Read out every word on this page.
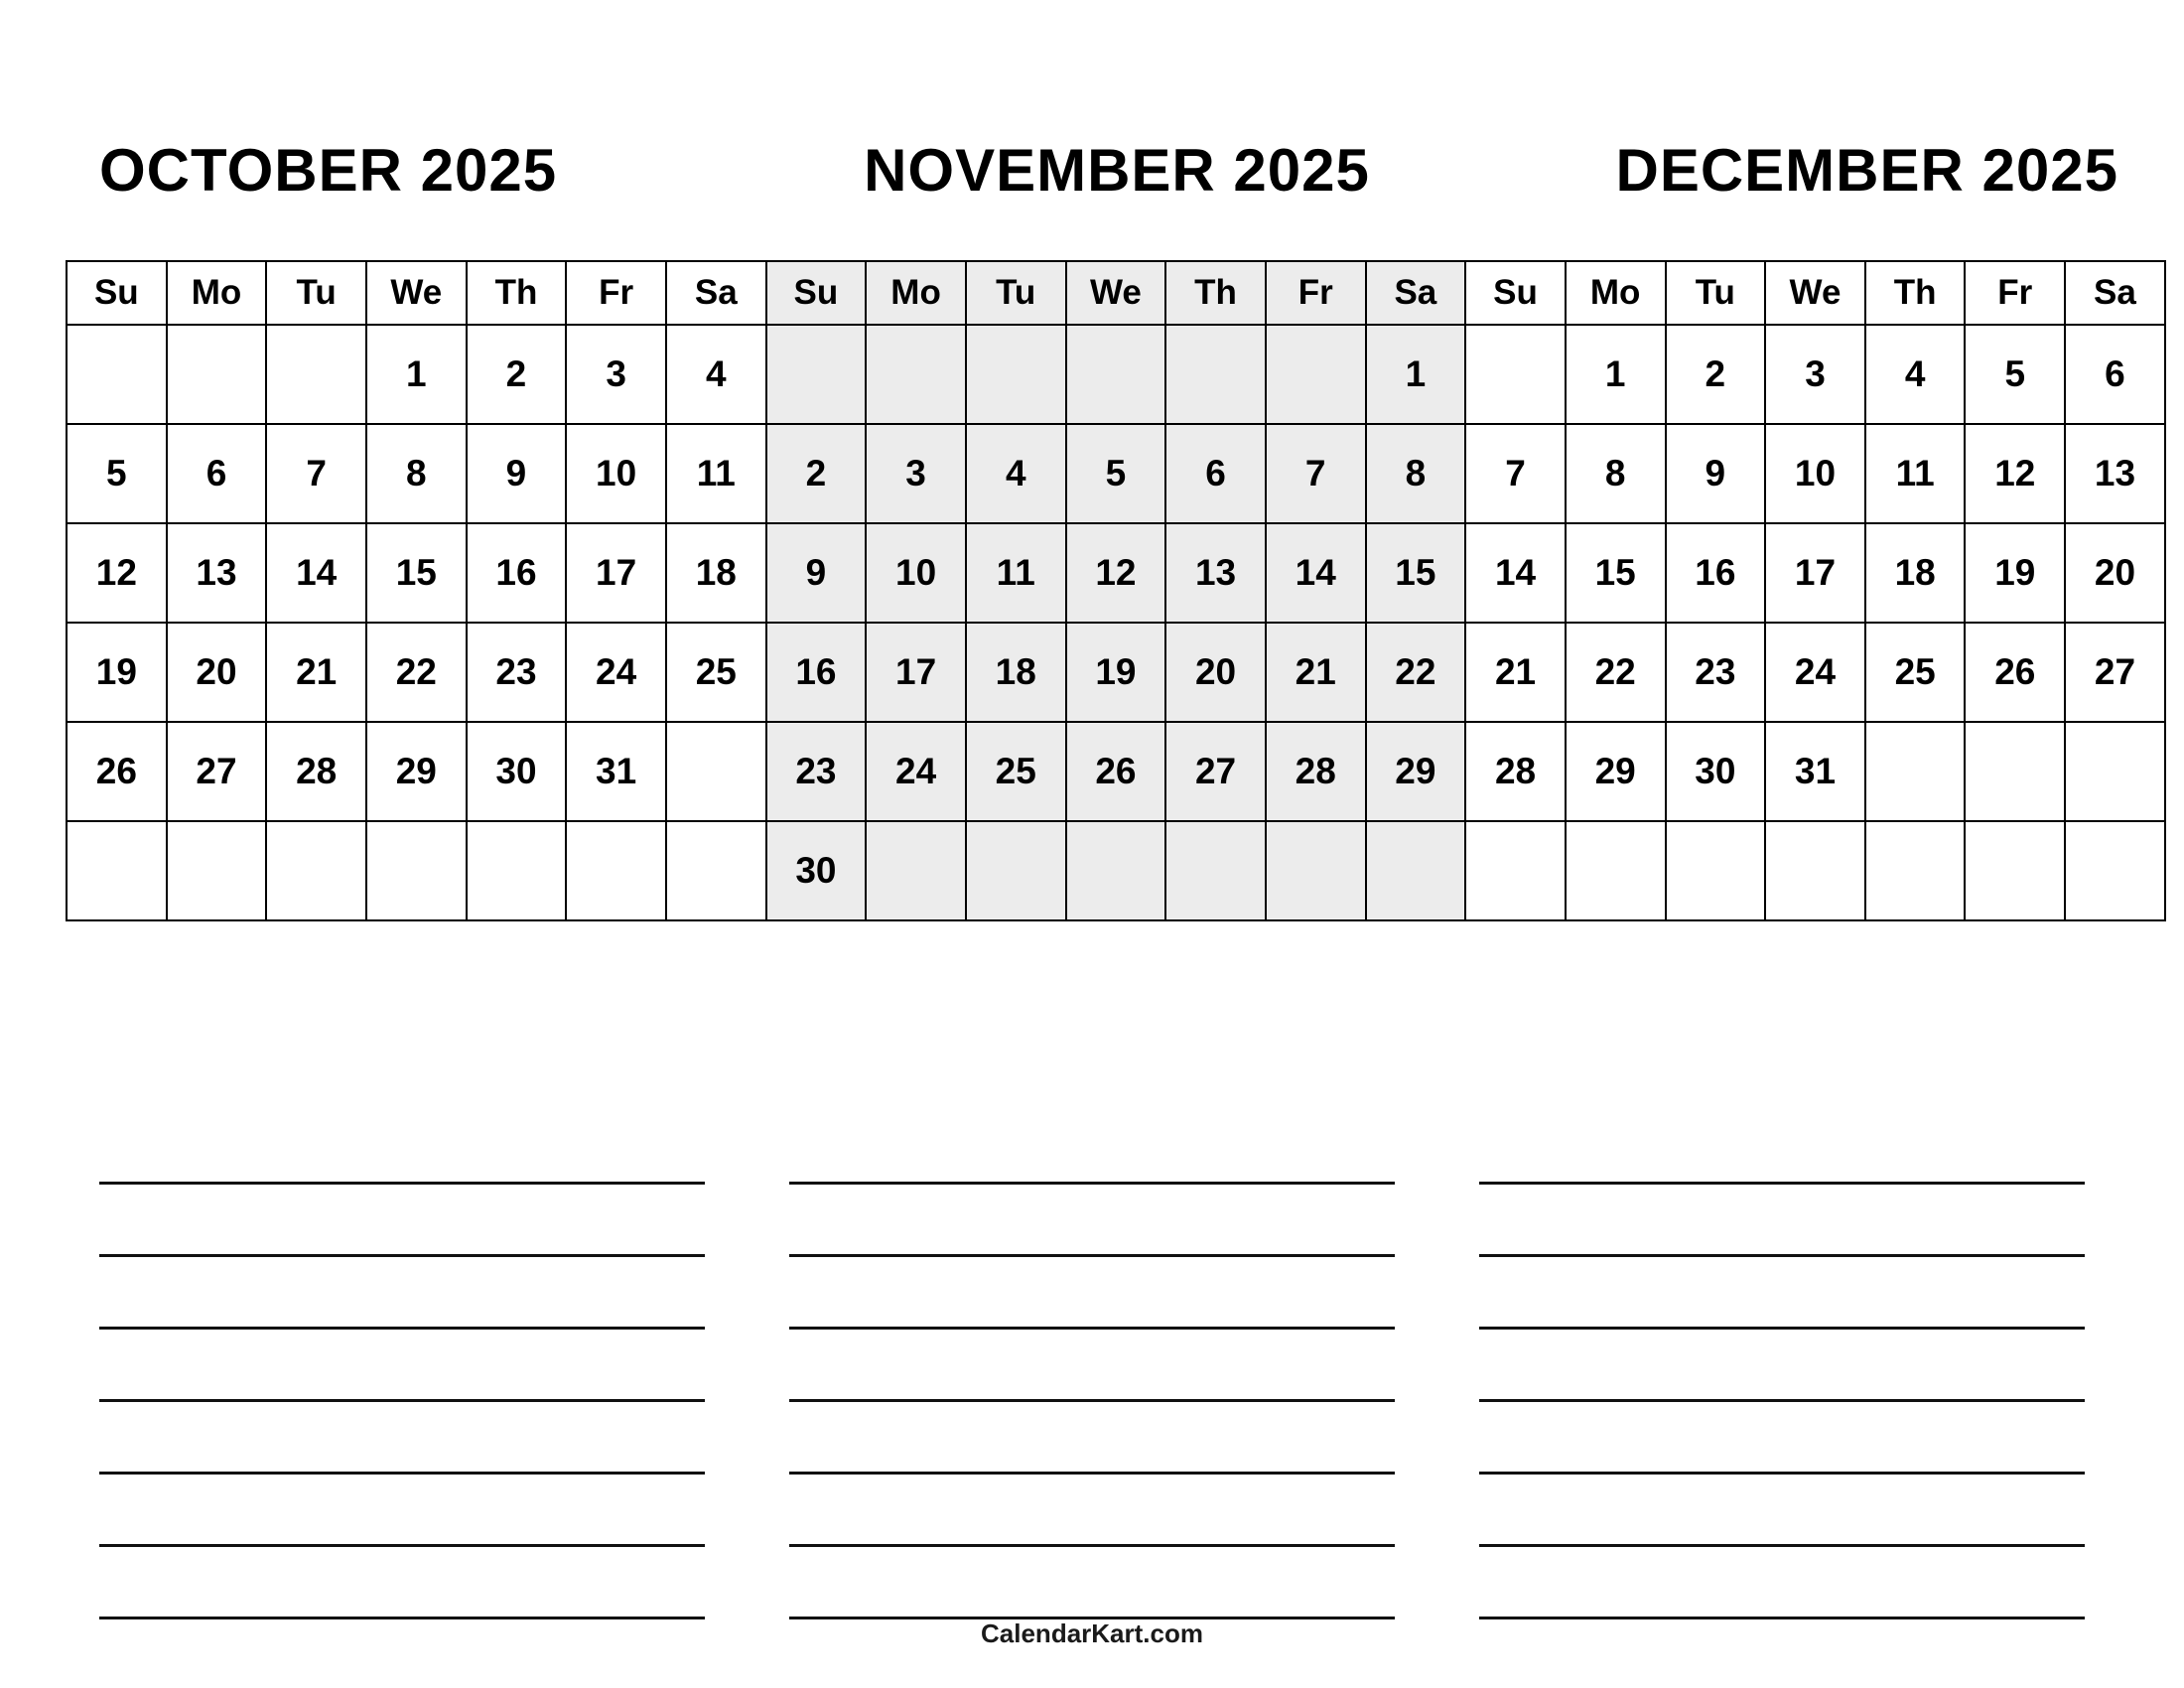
OCTOBER 2025	NOVEMBER 2025	DECEMBER 2025
Su	Mo	Tu	We	Th	Fr	Sa	Su	Mo	Tu	We	Th	Fr	Sa	Su	Mo	Tu	We	Th	Fr	Sa
			1	2	3	4							1		1	2	3	4	5	6
5	6	7	8	9	10	11	2	3	4	5	6	7	8	7	8	9	10	11	12	13
12	13	14	15	16	17	18	9	10	11	12	13	14	15	14	15	16	17	18	19	20
19	20	21	22	23	24	25	16	17	18	19	20	21	22	21	22	23	24	25	26	27
26	27	28	29	30	31		23	24	25	26	27	28	29	28	29	30	31			
							30													
CalendarKart.com
